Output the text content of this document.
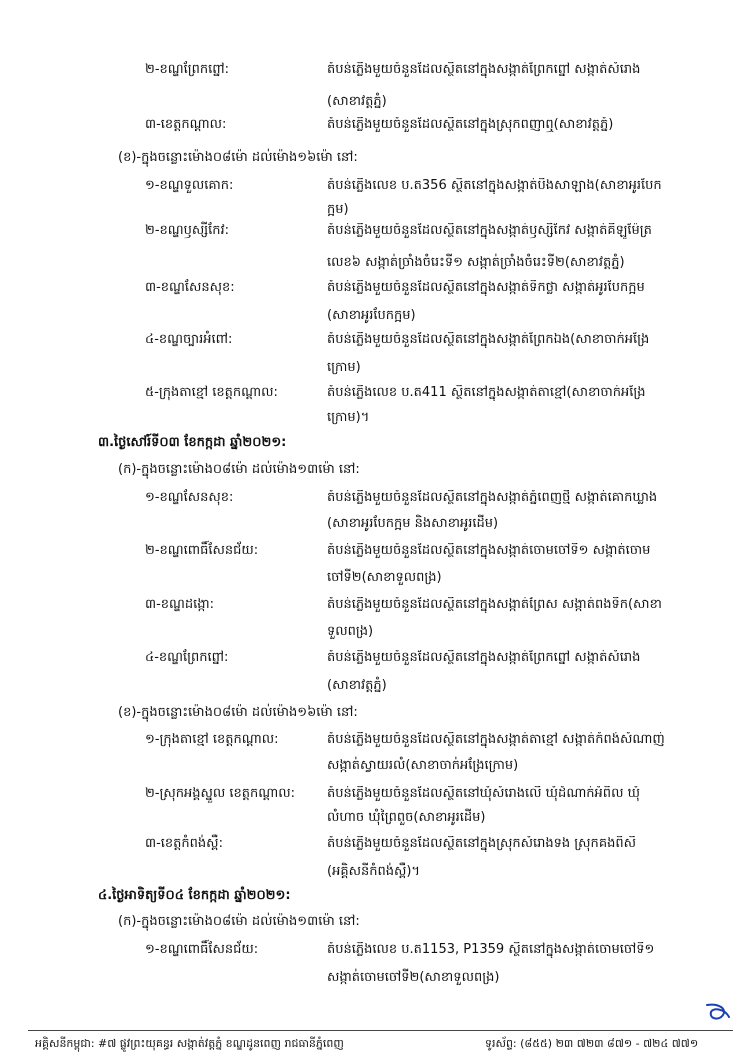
២-ខណ្ឌព្រែកព្នៅ:	តំបន់ភ្លើងមួយចំនួនដែលស្ថិតនៅក្នុងសង្កាត់ព្រែកព្នៅ សង្កាត់សំរោង
(សាខាវត្តភ្នំ)
៣-ខេត្តកណ្ដាល:	តំបន់ភ្លើងមួយចំនួនដែលស្ថិតនៅក្នុងស្រុកពញាឮ(សាខាវត្តភ្នំ)
(ខ)-ក្នុងចន្លោះម៉ោង០៨ម៉ោ ដល់ម៉ោង១៦ម៉ោ នៅ:
១-ខណ្ឌទួលគោក:	តំបន់ភ្លើងលេខ ប.ត356 ស្ថិតនៅក្នុងសង្កាត់បឹងសាឡាង(សាខាអូរបែក
ក្អម)
២-ខណ្ឌឫស្សីកែវ:	តំបន់ភ្លើងមួយចំនួនដែលស្ថិតនៅក្នុងសង្កាត់ឫស្សីកែវ សង្កាត់គីឡូម៉ែត្រ
លេខ៦ សង្កាត់ច្រាំងចំរេះទី១ សង្កាត់ច្រាំងចំរេះទី២(សាខាវត្តភ្នំ)
៣-ខណ្ឌសែនសុខ:	តំបន់ភ្លើងមួយចំនួនដែលស្ថិតនៅក្នុងសង្កាត់ទឹកថ្លា សង្កាត់អូរបែកក្អម
(សាខាអូរបែកក្អម)
៤-ខណ្ឌច្បារអំពៅ:	តំបន់ភ្លើងមួយចំនួនដែលស្ថិតនៅក្នុងសង្កាត់ព្រែកឯង(សាខាចាក់អង្រែ
ក្រោម)
៥-ក្រុងតាខ្មៅ ខេត្តកណ្ដាល:	តំបន់ភ្លើងលេខ ប.ត411 ស្ថិតនៅក្នុងសង្កាត់តាខ្មៅ(សាខាចាក់អង្រែ
ក្រោម)។
៣.ថ្ងៃសៅរ៍ទី០៣ ខែកក្កដា ឆ្នាំ២០២១:
(ក)-ក្នុងចន្លោះម៉ោង០៨ម៉ោ ដល់ម៉ោង១៣ម៉ោ នៅ:
១-ខណ្ឌសែនសុខ:	តំបន់ភ្លើងមួយចំនួនដែលស្ថិតនៅក្នុងសង្កាត់ភ្នំពេញថ្មី សង្កាត់គោកឃ្លាង
(សាខាអូរបែកក្អម និងសាខាអូរដើម)
២-ខណ្ឌពោធិ៍សែនជ័យ:	តំបន់ភ្លើងមួយចំនួនដែលស្ថិតនៅក្នុងសង្កាត់ចោមចៅទី១ សង្កាត់ចោម
ចៅទី២(សាខាទួលពង្រ)
៣-ខណ្ឌដង្កោ:	តំបន់ភ្លើងមួយចំនួនដែលស្ថិតនៅក្នុងសង្កាត់ព្រៃស សង្កាត់ពងទឹក(សាខា
ទួលពង្រ)
៤-ខណ្ឌព្រែកព្នៅ:	តំបន់ភ្លើងមួយចំនួនដែលស្ថិតនៅក្នុងសង្កាត់ព្រែកព្នៅ សង្កាត់សំរោង
(សាខាវត្តភ្នំ)
(ខ)-ក្នុងចន្លោះម៉ោង០៨ម៉ោ ដល់ម៉ោង១៦ម៉ោ នៅ:
១-ក្រុងតាខ្មៅ ខេត្តកណ្ដាល:	តំបន់ភ្លើងមួយចំនួនដែលស្ថិតនៅក្នុងសង្កាត់តាខ្មៅ សង្កាត់កំពង់សំណាញ់
សង្កាត់ស្វាយរលំ(សាខាចាក់អង្រែក្រោម)
២-ស្រុកអង្គស្នួល ខេត្តកណ្ដាល: តំបន់ភ្លើងមួយចំនួនដែលស្ថិតនៅឃុំសំរោងលើ ឃុំដំណាក់អំពិល ឃុំ
លំហាច ឃុំព្រៃពួច(សាខាអូរដើម)
៣-ខេត្តកំពង់ស្ពឺ:	តំបន់ភ្លើងមួយចំនួនដែលស្ថិតនៅក្នុងស្រុកសំរោងទង ស្រុកគងពិសី
(អគ្គិសនីកំពង់ស្ពឺ)។
៤.ថ្ងៃអាទិត្យទី០៤ ខែកក្កដា ឆ្នាំ២០២១:
(ក)-ក្នុងចន្លោះម៉ោង០៨ម៉ោ ដល់ម៉ោង១៣ម៉ោ នៅ:
១-ខណ្ឌពោធិ៍សែនជ័យ:	តំបន់ភ្លើងលេខ ប.ត1153, P1359 ស្ថិតនៅក្នុងសង្កាត់ចោមចៅទី១
សង្កាត់ចោមចៅទី២(សាខាទួលពង្រ)
អគ្គិសនីកម្ពុជា: #៧ ផ្លូវព្រះយុគន្ធរ សង្កាត់វត្តភ្នំ ខណ្ឌដូនពេញ រាជធានីភ្នំពេញ	ទូរស័ព្ទ: (៨៥៥) ២៣ ៧២៣ ៨៧១ - ៧២៤ ៧៧១
